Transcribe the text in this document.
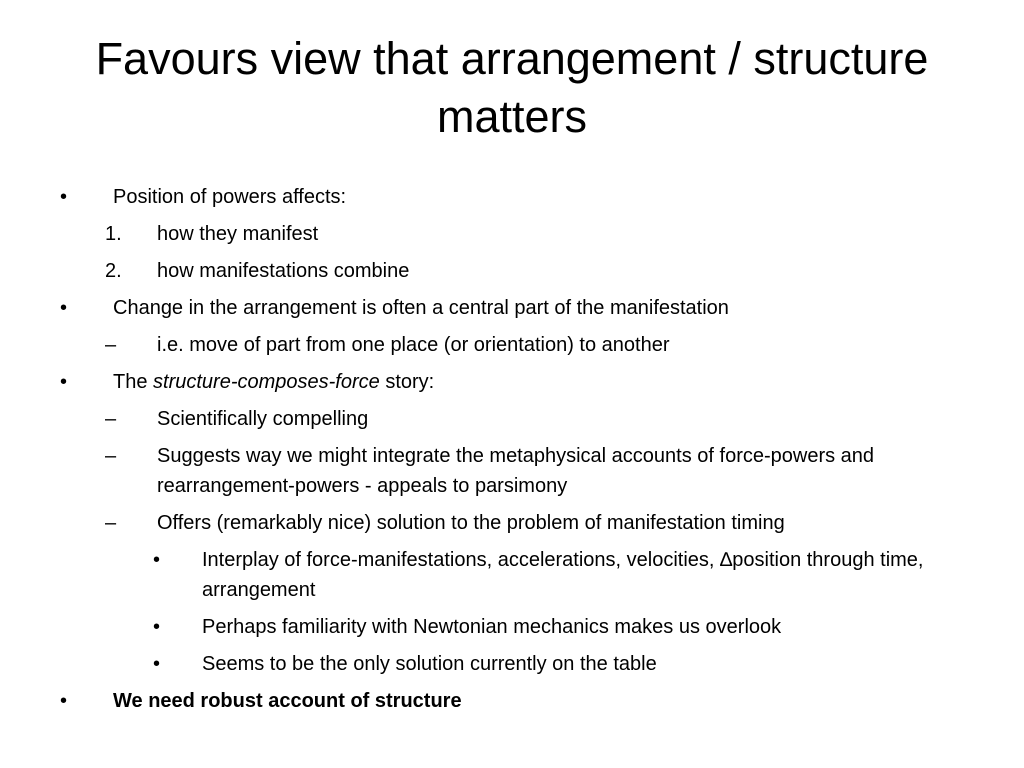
Favours view that arrangement / structure matters
• Position of powers affects:
1. how they manifest
2. how manifestations combine
• Change in the arrangement is often a central part of the manifestation
– i.e. move of part from one place (or orientation) to another
• The structure-composes-force story:
– Scientifically compelling
– Suggests way we might integrate the metaphysical accounts of force-powers and rearrangement-powers - appeals to parsimony
– Offers (remarkably nice) solution to the problem of manifestation timing
• Interplay of force-manifestations, accelerations, velocities, ∆position through time, arrangement
• Perhaps familiarity with Newtonian mechanics makes us overlook
• Seems to be the only solution currently on the table
• We need robust account of structure
